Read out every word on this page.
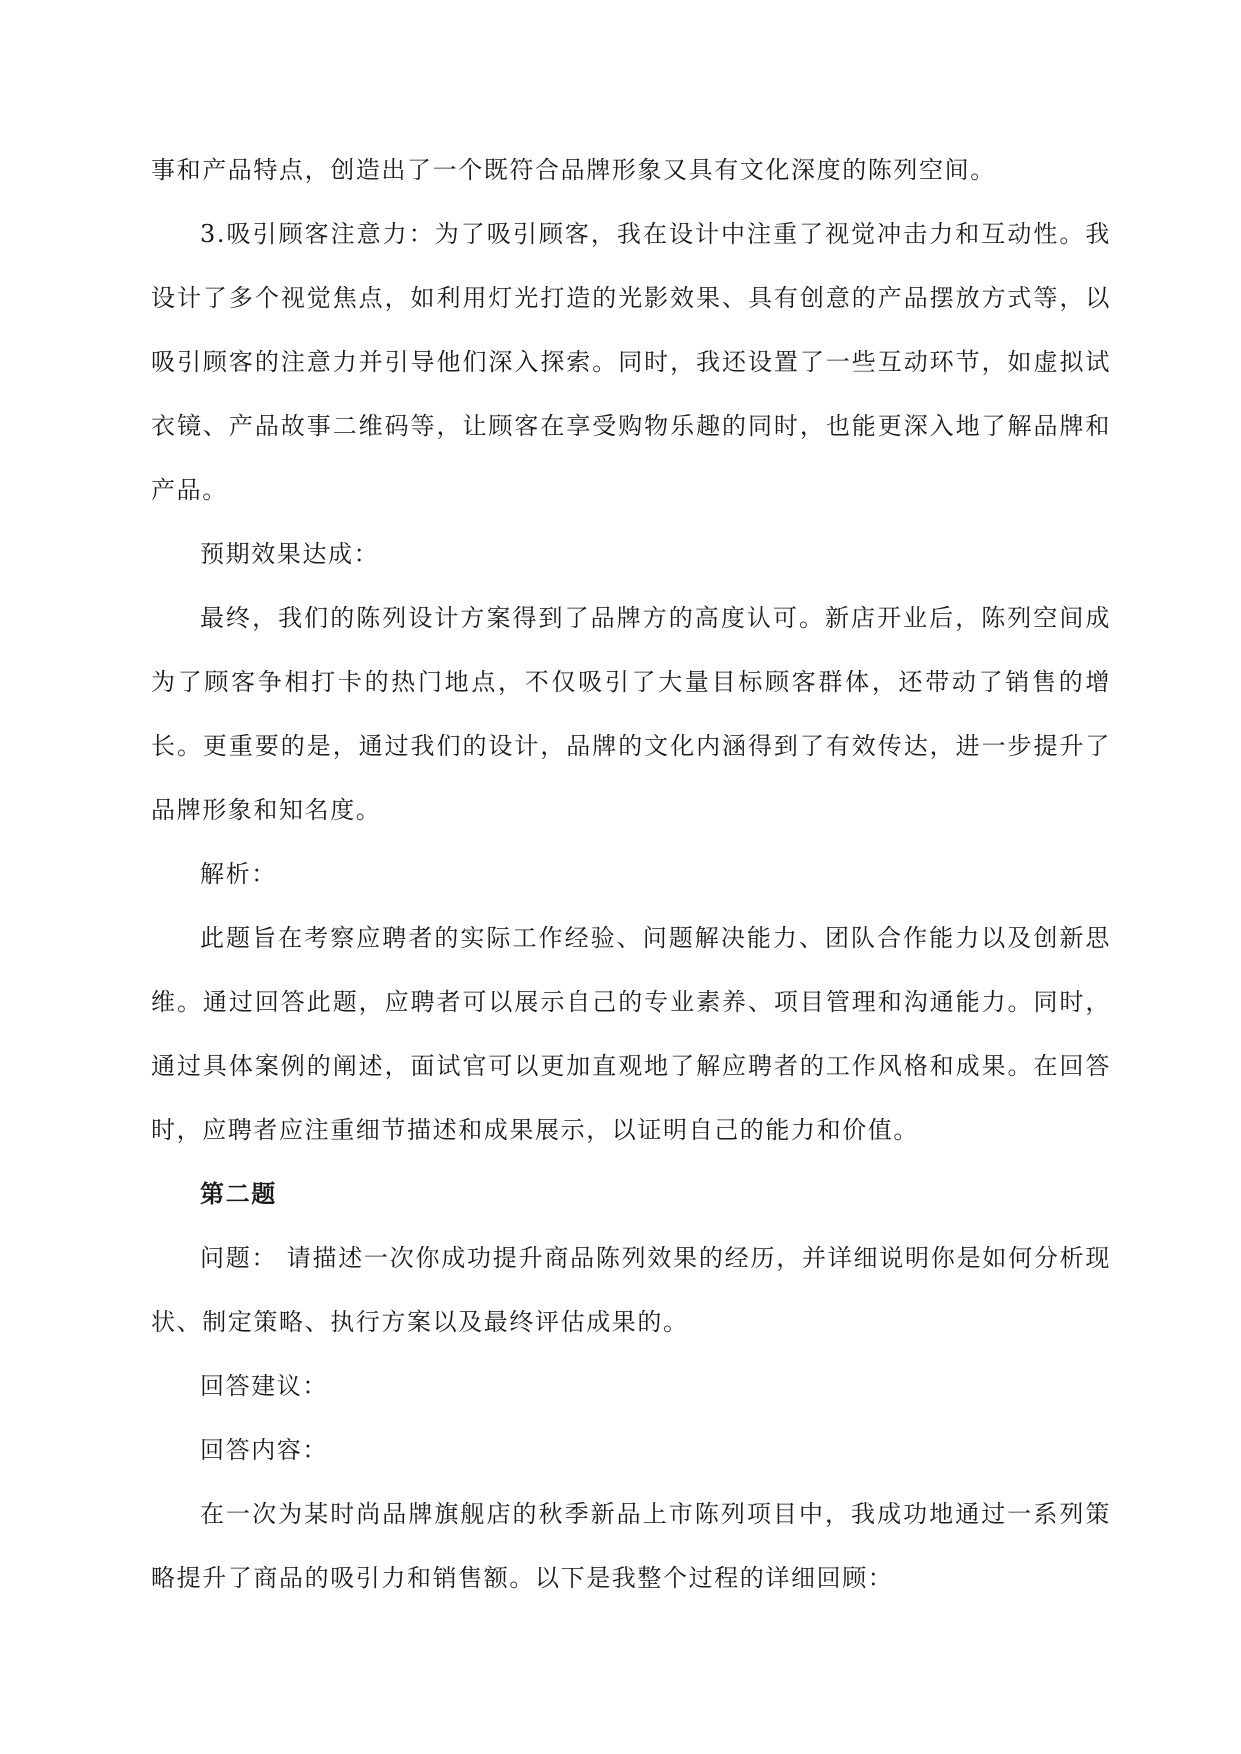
事和产品特点，创造出了一个既符合品牌形象又具有文化深度的陈列空间。

3.吸引顾客注意力：为了吸引顾客，我在设计中注重了视觉冲击力和互动性。我设计了多个视觉焦点，如利用灯光打造的光影效果、具有创意的产品摆放方式等，以吸引顾客的注意力并引导他们深入探索。同时，我还设置了一些互动环节，如虚拟试衣镜、产品故事二维码等，让顾客在享受购物乐趣的同时，也能更深入地了解品牌和产品。

预期效果达成：

最终，我们的陈列设计方案得到了品牌方的高度认可。新店开业后，陈列空间成为了顾客争相打卡的热门地点，不仅吸引了大量目标顾客群体，还带动了销售的增长。更重要的是，通过我们的设计，品牌的文化内涵得到了有效传达，进一步提升了品牌形象和知名度。

解析：

此题旨在考察应聘者的实际工作经验、问题解决能力、团队合作能力以及创新思维。通过回答此题，应聘者可以展示自己的专业素养、项目管理和沟通能力。同时，通过具体案例的阐述，面试官可以更加直观地了解应聘者的工作风格和成果。在回答时，应聘者应注重细节描述和成果展示，以证明自己的能力和价值。

第二题

问题： 请描述一次你成功提升商品陈列效果的经历，并详细说明你是如何分析现状、制定策略、执行方案以及最终评估成果的。

回答建议：

回答内容：

在一次为某时尚品牌旗舰店的秋季新品上市陈列项目中，我成功地通过一系列策略提升了商品的吸引力和销售额。以下是我整个过程的详细回顾：
